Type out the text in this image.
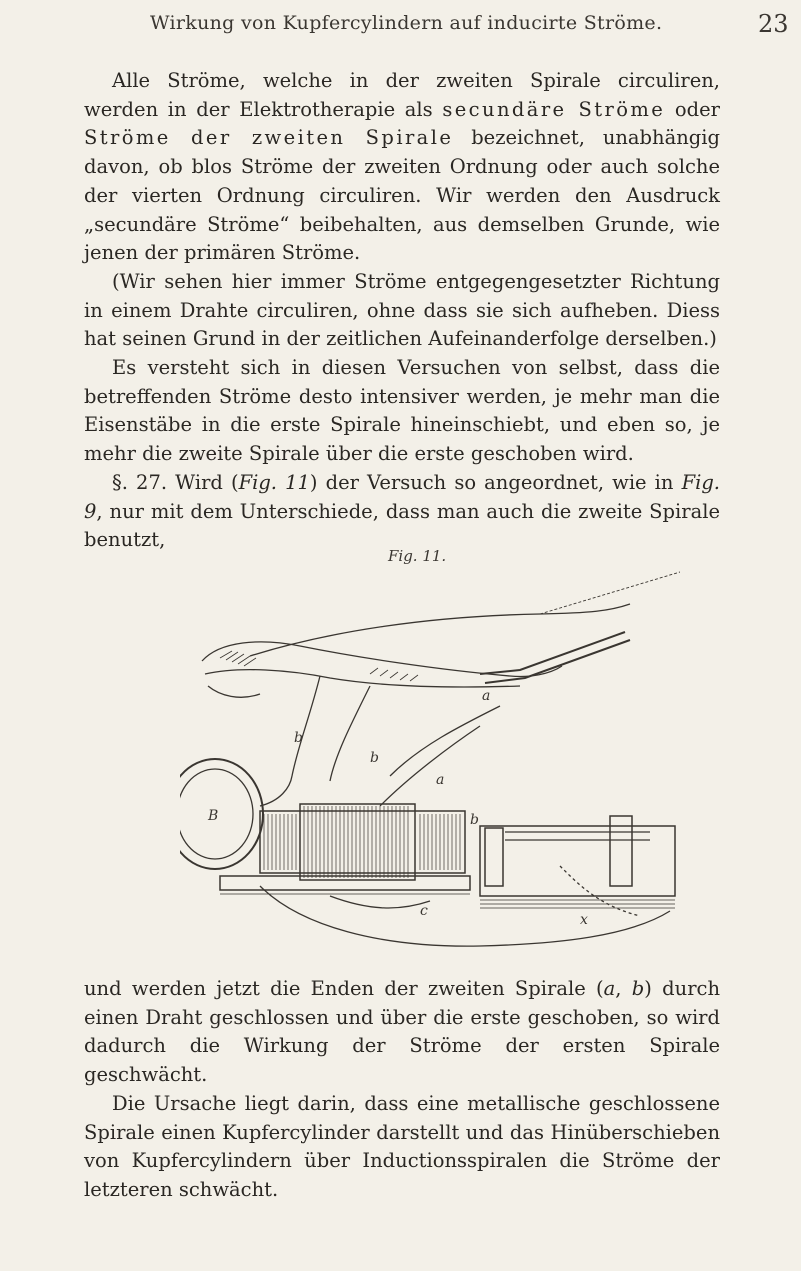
Wirkung von Kupfercylindern auf inducirte Ströme.	23

Alle Ströme, welche in der zweiten Spirale circuliren, werden in der Elektrotherapie als secundäre Ströme oder Ströme der zweiten Spirale bezeichnet, unabhängig davon, ob blos Ströme der zweiten Ordnung oder auch solche der vierten Ordnung circuliren. Wir werden den Ausdruck „secundäre Ströme“ beibehalten, aus demselben Grunde, wie jenen der primären Ströme.

(Wir sehen hier immer Ströme entgegengesetzter Richtung in einem Drahte circuliren, ohne dass sie sich aufheben. Diess hat seinen Grund in der zeitlichen Aufeinanderfolge derselben.)

Es versteht sich in diesen Versuchen von selbst, dass die betreffenden Ströme desto intensiver werden, je mehr man die Eisenstäbe in die erste Spirale hineinschiebt, und eben so, je mehr die zweite Spirale über die erste geschoben wird.

§. 27. Wird (Fig. 11) der Versuch so angeordnet, wie in Fig. 9, nur mit dem Unterschiede, dass man auch die zweite Spirale benutzt,

Fig. 11.
B
a
b
b
a
b
c
x

und werden jetzt die Enden der zweiten Spirale (a, b) durch einen Draht geschlossen und über die erste geschoben, so wird dadurch die Wirkung der Ströme der ersten Spirale geschwächt.

Die Ursache liegt darin, dass eine metallische geschlossene Spirale einen Kupfercylinder darstellt und das Hinüberschieben von Kupfercylindern über Inductionsspiralen die Ströme der letzteren schwächt.
